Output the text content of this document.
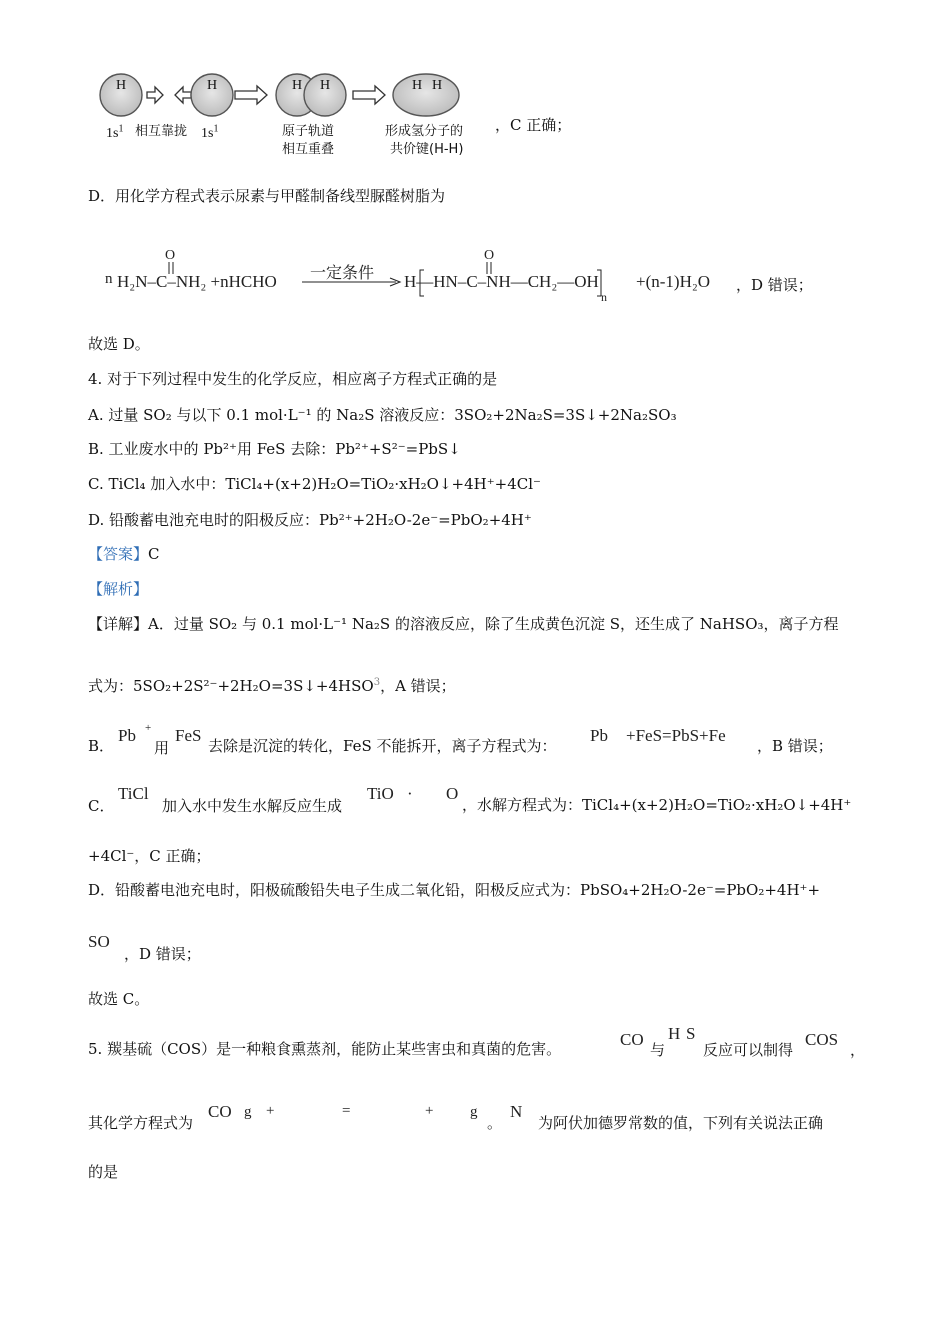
H	H	H H	H H
$1s^1$ 相互靠拢 $1s^1$	原子轨道
相互重叠
形成氢分子的
共价键(H-H)
，C 正确；
D．用化学方程式表示尿素与甲醛制备线型脲醛树脂为
n
O
H₂N–C–NH₂ +nHCHO 一定条件
O
H―HN–C–NH―CH₂―OH
n
+(n-1)H₂O ，D 错误；
故选 D。
4. 对于下列过程中发生的化学反应，相应离子方程式正确的是
A. 过量 SO₂ 与以下 0.1 mol·L⁻¹ 的 Na₂S 溶液反应：3SO₂+2Na₂S=3S↓+2Na₂SO₃
B. 工业废水中的 Pb²⁺用 FeS 去除：Pb²⁺+S²⁻=PbS↓
C. TiCl₄ 加入水中：TiCl₄+(x+2)H₂O=TiO₂·xH₂O↓+4H⁺+4Cl⁻
D. 铅酸蓄电池充电时的阳极反应：Pb²⁺+2H₂O-2e⁻=PbO₂+4H⁺
【答案】C
【解析】
【详解】A．过量 SO₂ 与 0.1 mol·L⁻¹ Na₂S 的溶液反应，除了生成黄色沉淀 S，还生成了 NaHSO₃，离子方程
式为：$5SO_2+2S^{2-}+2H_2O=3S↓+4HSO^3$，A 错误；
B．
Pb +
用
FeS
去除是沉淀的转化，FeS 不能拆开，离子方程式为：
Pb +FeS=PbS+Fe
，B 错误；
C．
TiCl
加入水中发生水解反应生成
TiO · O
，水解方程式为：TiCl₄+(x+2)H₂O=TiO₂·xH₂O↓+4H⁺
+4Cl⁻，C 正确；
D．铅酸蓄电池充电时，阳极硫酸铅失电子生成二氧化铅，阳极反应式为：PbSO₄+2H₂O-2e⁻=PbO₂+4H⁺+
SO
，D 错误；
故选 C。
5. 羰基硫（COS）是一种粮食熏蒸剂，能防止某些害虫和真菌的危害。	CO
与
H S
反应可以制得
COS
，
其化学方程式为
CO g +	=	+ g
。
N
为阿伏加德罗常数的值，下列有关说法正确
的是
